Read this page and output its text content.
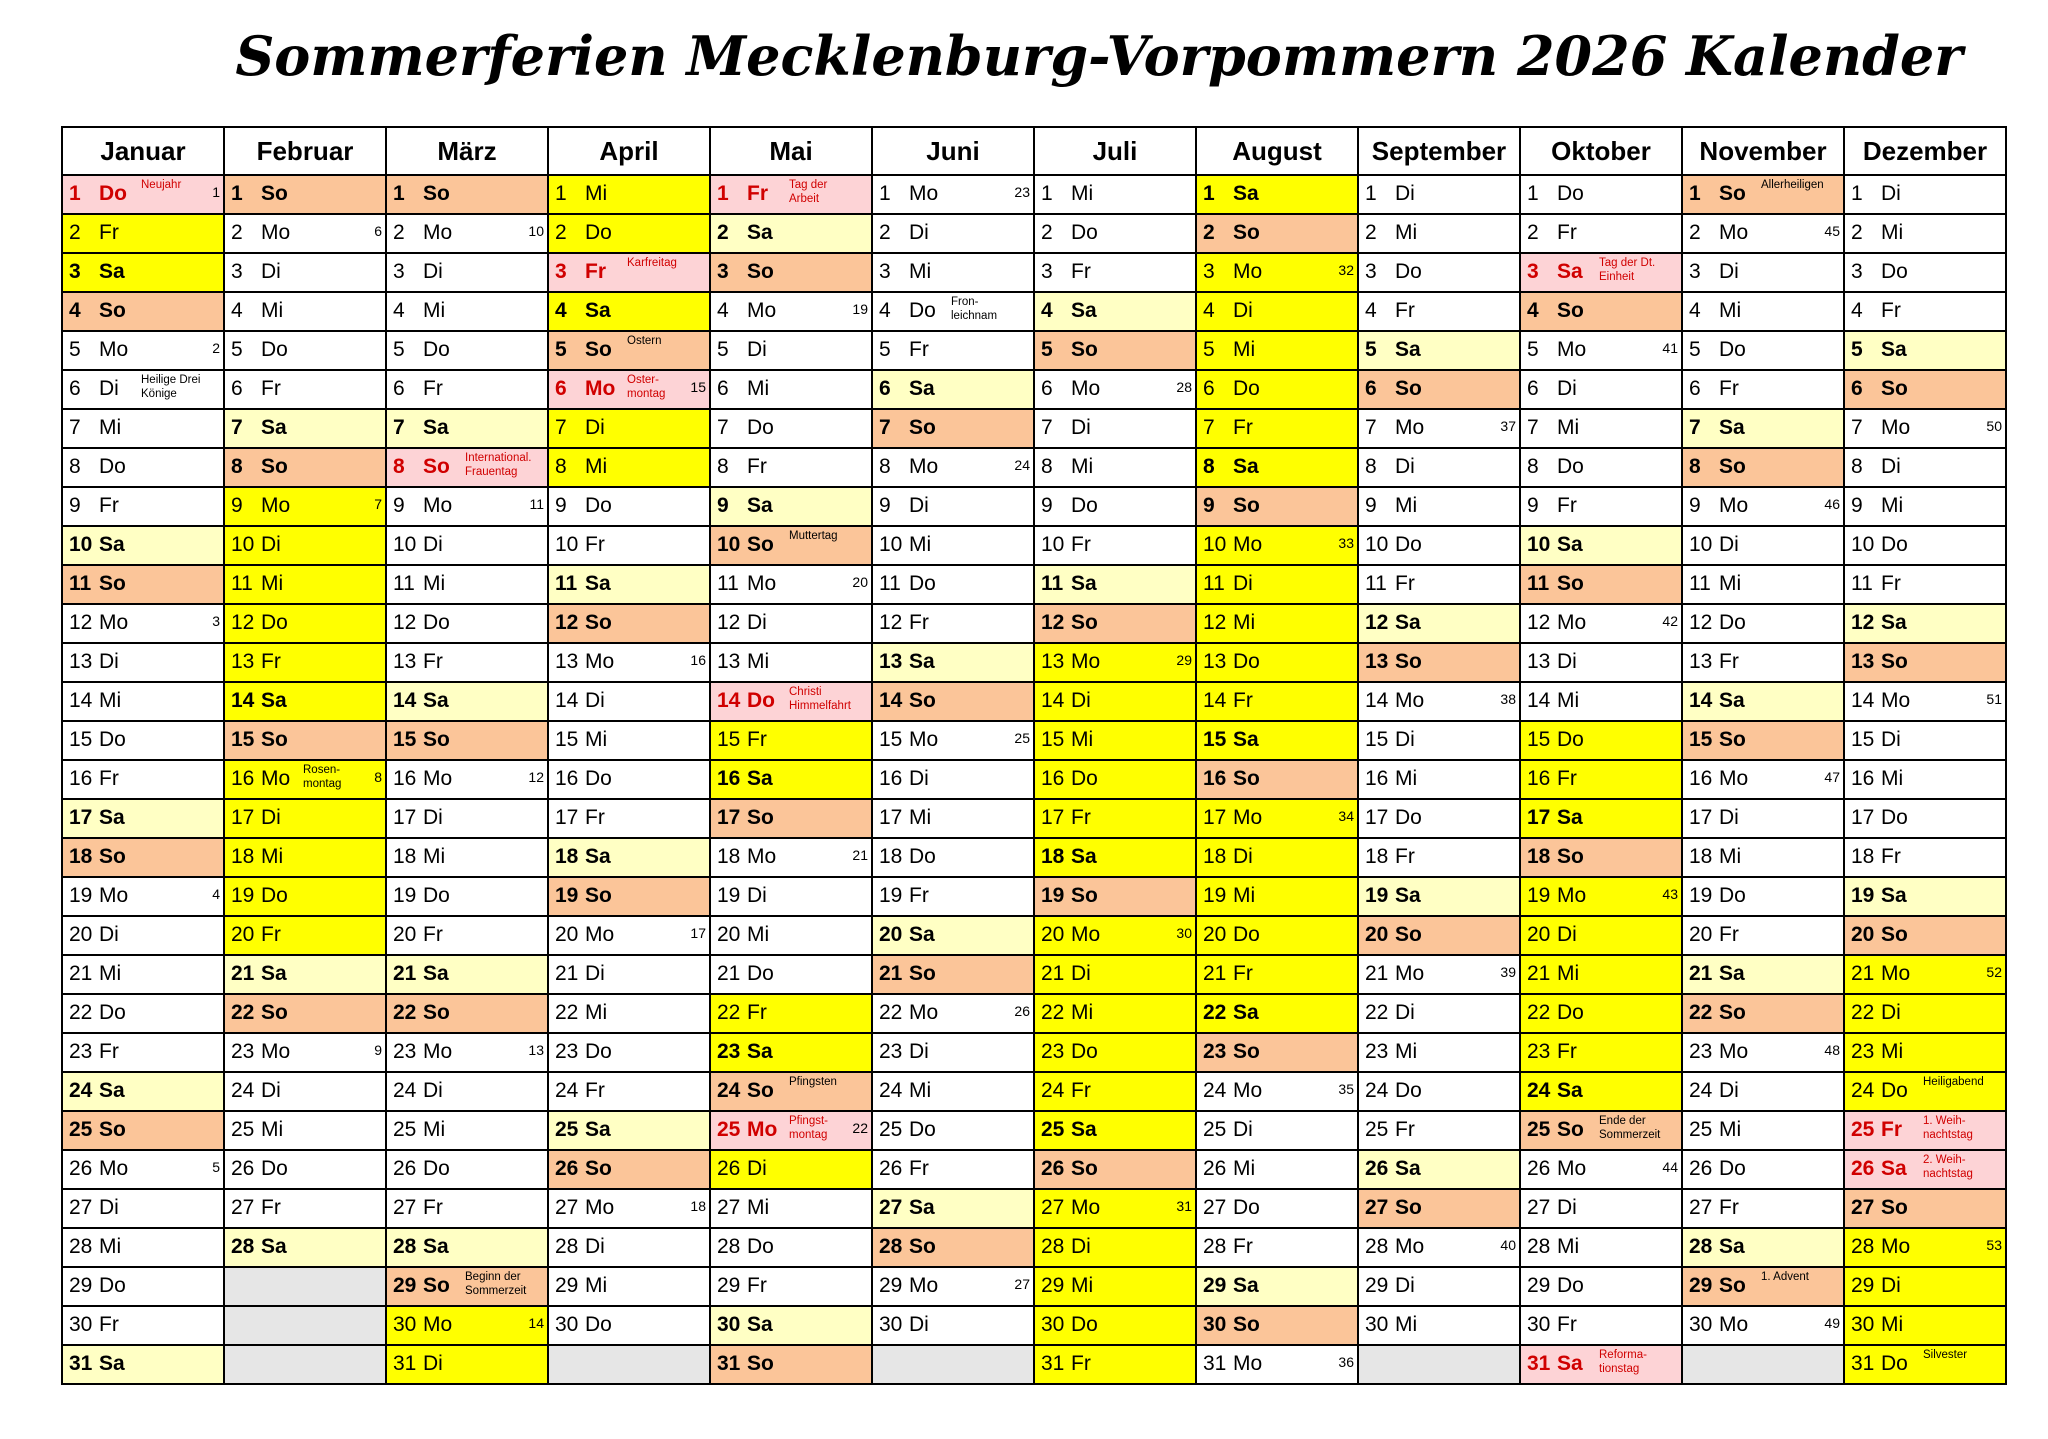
Sommerferien Mecklenburg-Vorpommern 2026 Kalender
Januar	Februar	März	April	Mai	Juni	Juli	August	September	Oktober	November	Dezember

1 Do Neujahr 1	1 So	1 So	1 Mi	1 Fr Tag der Arbeit	1 Mo 23	1 Mi	1 Sa	1 Di	1 Do	1 So Allerheiligen	1 Di

2 Fr	2 Mo 6	2 Mo 10	2 Do	2 Sa	2 Di	2 Do	2 So	2 Mi	2 Fr	2 Mo 45	2 Mi

3 Sa	3 Di	3 Di	3 Fr Karfreitag	3 So	3 Mi	3 Fr	3 Mo 32	3 Do	3 Sa Tag der Dt. Einheit	3 Di	3 Do

4 So	4 Mi	4 Mi	4 Sa	4 Mo 19	4 Do Fron-leichnam	4 Sa	4 Di	4 Fr	4 So	4 Mi	4 Fr

5 Mo 2	5 Do	5 Do	5 So Ostern	5 Di	5 Fr	5 So	5 Mi	5 Sa	5 Mo 41	5 Do	5 Sa

6 Di Heilige Drei Könige	6 Fr	6 Fr	6 Mo Oster-montag 15	6 Mi	6 Sa	6 Mo 28	6 Do	6 So	6 Di	6 Fr	6 So

7 Mi	7 Sa	7 Sa	7 Di	7 Do	7 So	7 Di	7 Fr	7 Mo 37	7 Mi	7 Sa	7 Mo 50

8 Do	8 So	8 So International. Frauentag	8 Mi	8 Fr	8 Mo 24	8 Mi	8 Sa	8 Di	8 Do	8 So	8 Di

9 Fr	9 Mo 7	9 Mo 11	9 Do	9 Sa	9 Di	9 Do	9 So	9 Mi	9 Fr	9 Mo 46	9 Mi

10 Sa	10 Di	10 Di	10 Fr	10 So Muttertag	10 Mi	10 Fr	10 Mo 33	10 Do	10 Sa	10 Di	10 Do

11 So	11 Mi	11 Mi	11 Sa	11 Mo 20	11 Do	11 Sa	11 Di	11 Fr	11 So	11 Mi	11 Fr

12 Mo 3	12 Do	12 Do	12 So	12 Di	12 Fr	12 So	12 Mi	12 Sa	12 Mo 42	12 Do	12 Sa

13 Di	13 Fr	13 Fr	13 Mo 16	13 Mi	13 Sa	13 Mo 29	13 Do	13 So	13 Di	13 Fr	13 So

14 Mi	14 Sa	14 Sa	14 Di	14 Do Christi Himmelfahrt	14 So	14 Di	14 Fr	14 Mo 38	14 Mi	14 Sa	14 Mo 51

15 Do	15 So	15 So	15 Mi	15 Fr	15 Mo 25	15 Mi	15 Sa	15 Di	15 Do	15 So	15 Di

16 Fr	16 Mo Rosen-montag 8	16 Mo 12	16 Do	16 Sa	16 Di	16 Do	16 So	16 Mi	16 Fr	16 Mo 47	16 Mi

17 Sa	17 Di	17 Di	17 Fr	17 So	17 Mi	17 Fr	17 Mo 34	17 Do	17 Sa	17 Di	17 Do

18 So	18 Mi	18 Mi	18 Sa	18 Mo 21	18 Do	18 Sa	18 Di	18 Fr	18 So	18 Mi	18 Fr

19 Mo 4	19 Do	19 Do	19 So	19 Di	19 Fr	19 So	19 Mi	19 Sa	19 Mo 43	19 Do	19 Sa

20 Di	20 Fr	20 Fr	20 Mo 17	20 Mi	20 Sa	20 Mo 30	20 Do	20 So	20 Di	20 Fr	20 So

21 Mi	21 Sa	21 Sa	21 Di	21 Do	21 So	21 Di	21 Fr	21 Mo 39	21 Mi	21 Sa	21 Mo 52

22 Do	22 So	22 So	22 Mi	22 Fr	22 Mo 26	22 Mi	22 Sa	22 Di	22 Do	22 So	22 Di

23 Fr	23 Mo 9	23 Mo 13	23 Do	23 Sa	23 Di	23 Do	23 So	23 Mi	23 Fr	23 Mo 48	23 Mi

24 Sa	24 Di	24 Di	24 Fr	24 So Pfingsten	24 Mi	24 Fr	24 Mo 35	24 Do	24 Sa	24 Di	24 Do Heiligabend

25 So	25 Mi	25 Mi	25 Sa	25 Mo Pfingst-montag 22	25 Do	25 Sa	25 Di	25 Fr	25 So Ende der Sommerzeit	25 Mi	25 Fr 1. Weih-nachtstag

26 Mo 5	26 Do	26 Do	26 So	26 Di	26 Fr	26 So	26 Mi	26 Sa	26 Mo 44	26 Do	26 Sa 2. Weih-nachtstag

27 Di	27 Fr	27 Fr	27 Mo 18	27 Mi	27 Sa	27 Mo 31	27 Do	27 So	27 Di	27 Fr	27 So

28 Mi	28 Sa	28 Sa	28 Di	28 Do	28 So	28 Di	28 Fr	28 Mo 40	28 Mi	28 Sa	28 Mo 53

29 Do		29 So Beginn der Sommerzeit	29 Mi	29 Fr	29 Mo 27	29 Mi	29 Sa	29 Di	29 Do	29 So 1. Advent	29 Di

30 Fr		30 Mo 14	30 Do	30 Sa	30 Di	30 Do	30 So	30 Mi	30 Fr	30 Mo 49	30 Mi

31 Sa		31 Di		31 So		31 Fr	31 Mo 36		31 Sa Reforma-tionstag		31 Do Silvester
